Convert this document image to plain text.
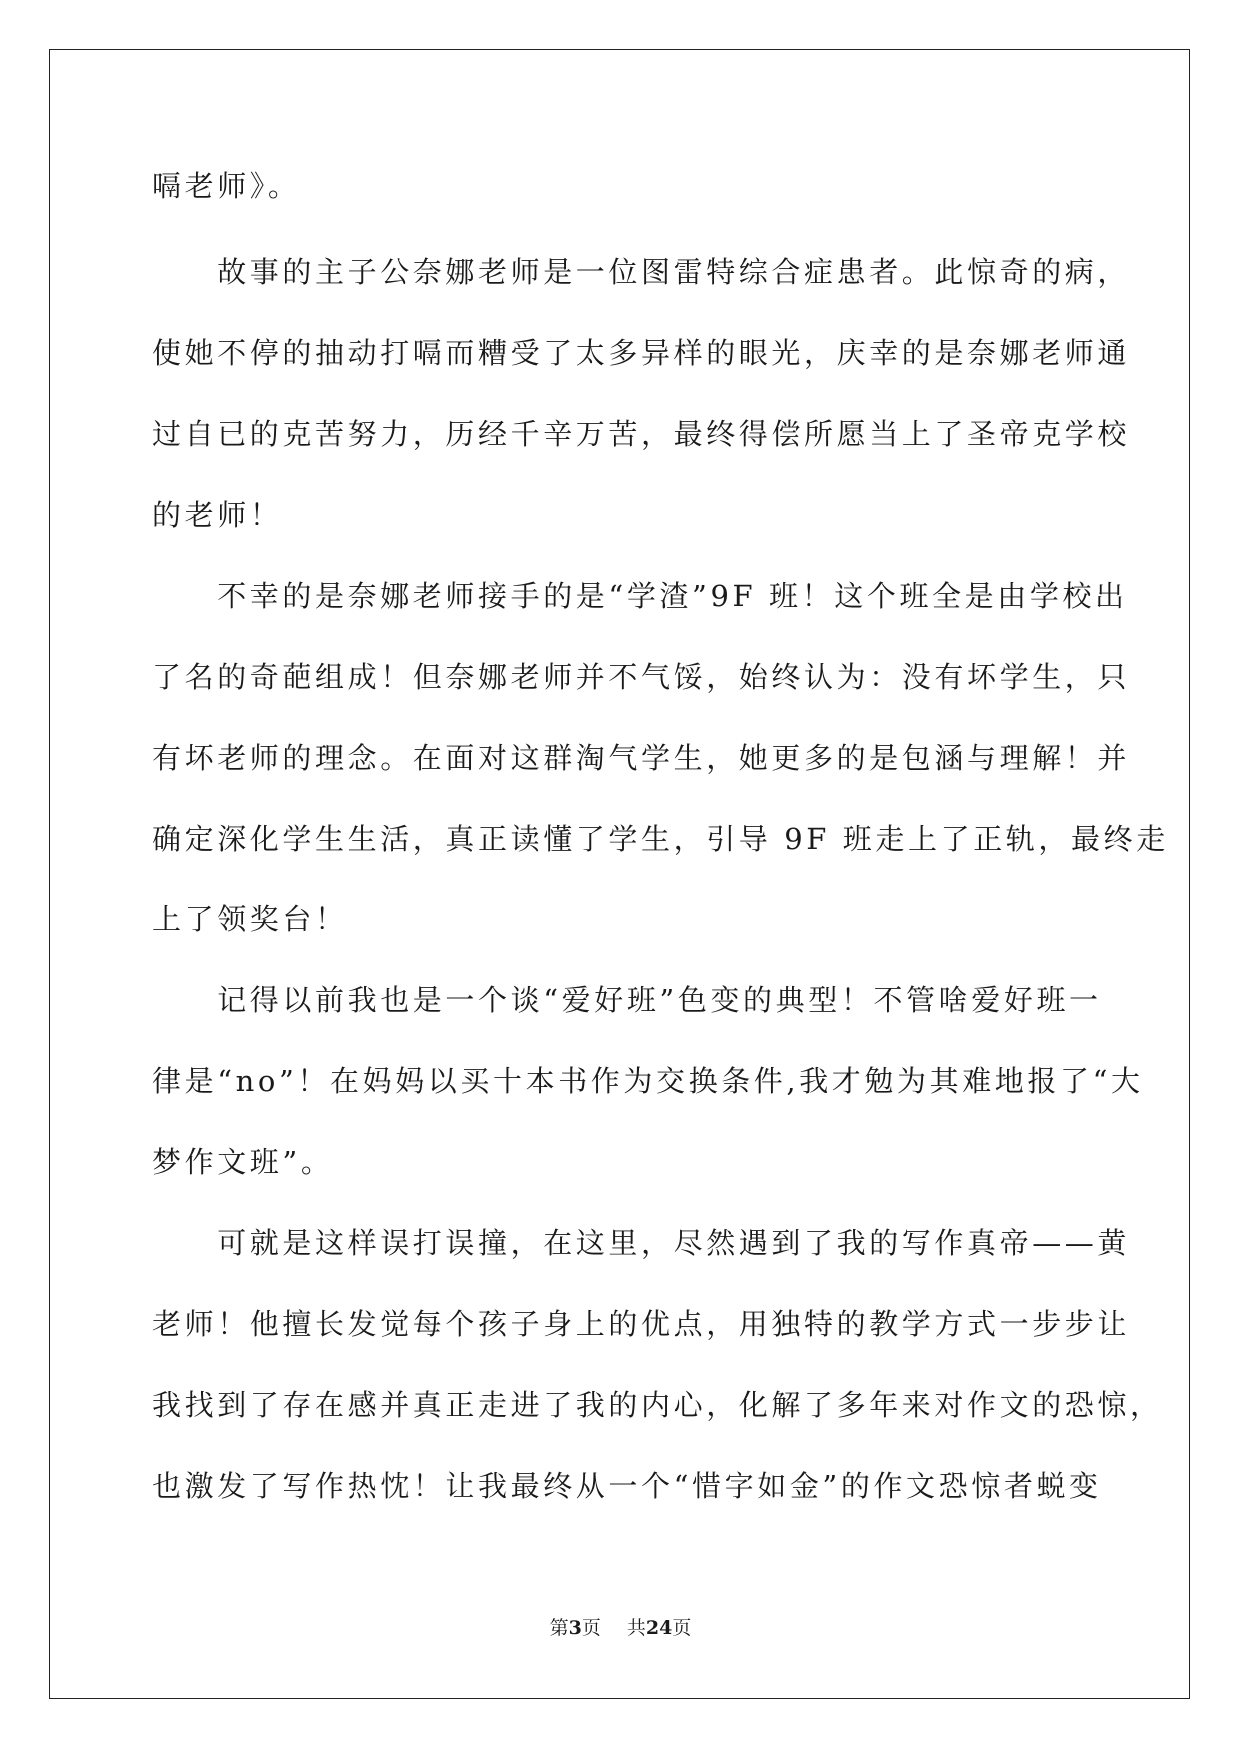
嗝老师》。
　　故事的主子公奈娜老师是一位图雷特综合症患者。此惊奇的病，
使她不停的抽动打嗝而糟受了太多异样的眼光，庆幸的是奈娜老师通
过自已的克苦努力，历经千辛万苦，最终得偿所愿当上了圣帝克学校
的老师！
　　不幸的是奈娜老师接手的是“学渣”9F 班！这个班全是由学校出
了名的奇葩组成！但奈娜老师并不气馁，始终认为：没有坏学生，只
有坏老师的理念。在面对这群淘气学生，她更多的是包涵与理解！并
确定深化学生生活，真正读懂了学生，引导 9F 班走上了正轨，最终走
上了领奖台！
　　记得以前我也是一个谈“爱好班”色变的典型！不管啥爱好班一
律是“no”！在妈妈以买十本书作为交换条件,我才勉为其难地报了“大
梦作文班”。
　　可就是这样误打误撞，在这里，尽然遇到了我的写作真帝——黄
老师！他擅长发觉每个孩子身上的优点，用独特的教学方式一步步让
我找到了存在感并真正走进了我的内心，化解了多年来对作文的恐惊，
也激发了写作热忱！让我最终从一个“惜字如金”的作文恐惊者蜕变
第3页 共24页
